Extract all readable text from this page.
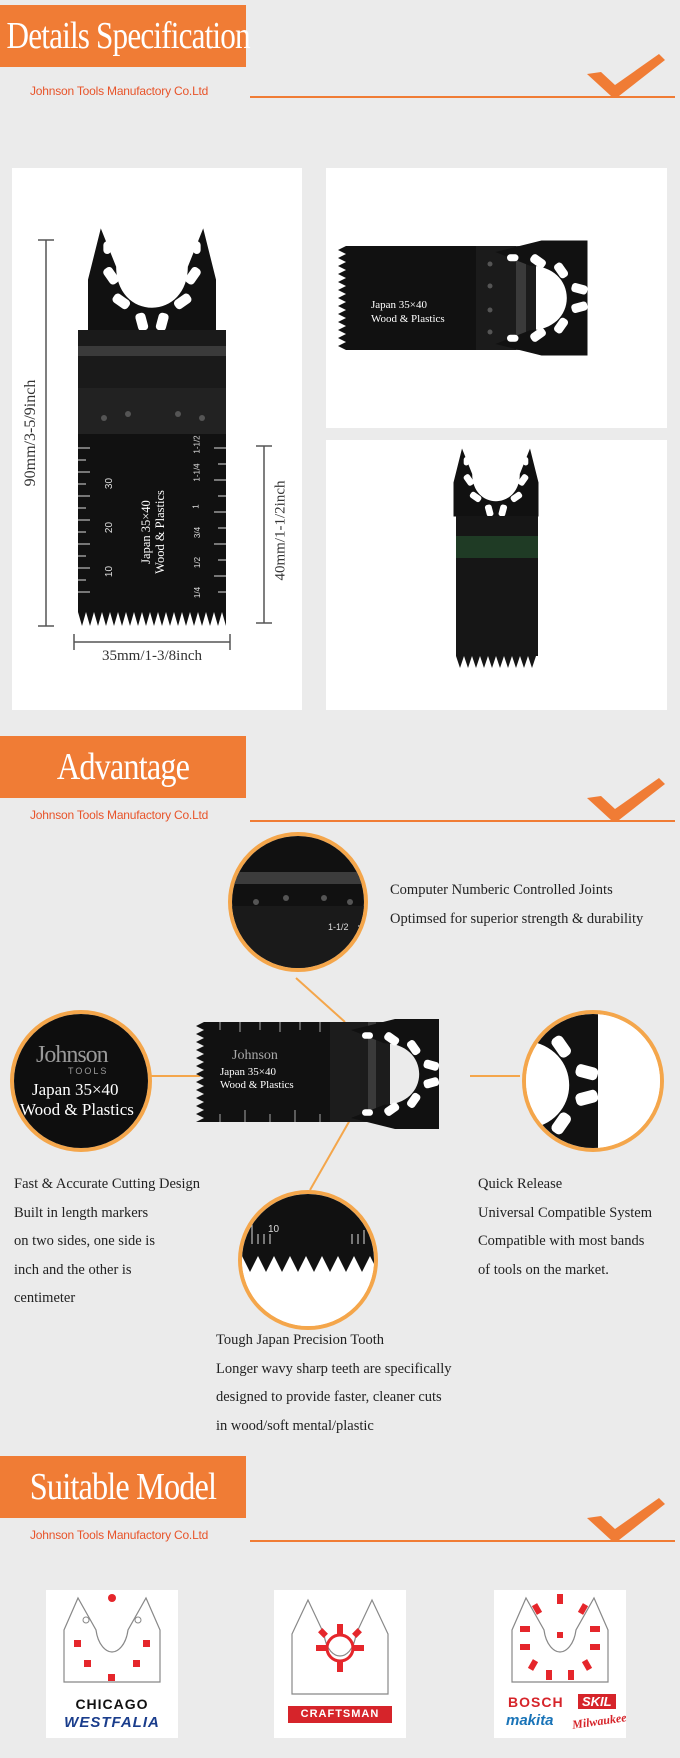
Details Specification
Johnson Tools Manufactory Co.Ltd
10
20
30
1/4
1/2
3/4
1
1-1/4
1-1/2
Japan 35×40 Wood & Plastics
90mm/3-5/9inch
40mm/1-1/2inch
35mm/1-3/8inch
Japan 35×40
Wood & Plastics
Advantage
Johnson Tools Manufactory Co.Ltd
Johnson
Japan 35×40
Wood & Plastics
1-1/2
Johnson
TOOLS
Japan 35×40
Wood & Plastics
10
Computer Numberic Controlled Joints
Optimsed for superior strength & durability
Fast & Accurate Cutting Design
Built in length markers
on two sides, one side is
inch and the other is
centimeter
Quick Release
Universal Compatible System
Compatible with most bands
of tools on the market.
Tough Japan Precision Tooth
Longer wavy sharp teeth are specifically
designed to provide faster, cleaner cuts
in wood/soft mental/plastic
Suitable Model
Johnson Tools Manufactory Co.Ltd
CHICAGO
WESTFALIA	CRAFTSMAN
BOSCH	SKIL
makita Milwaukee
